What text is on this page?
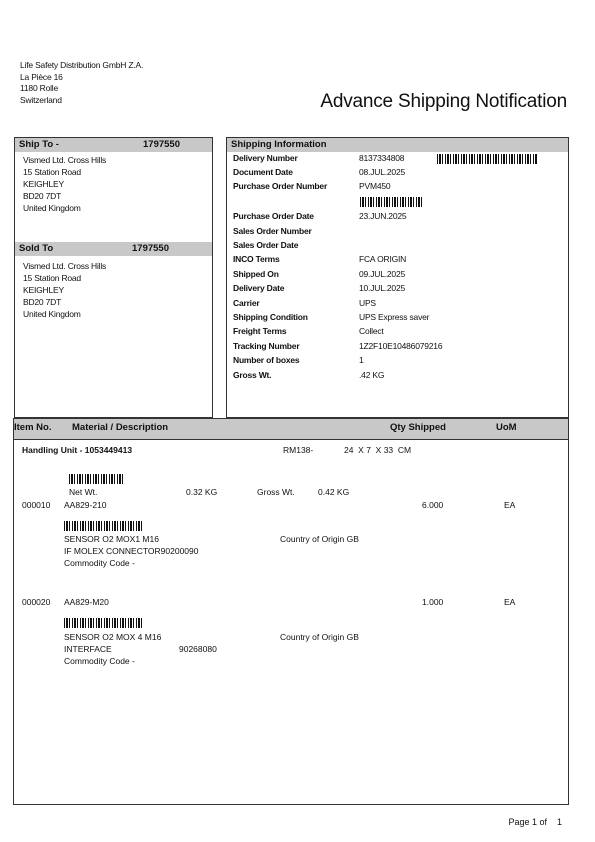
Life Safety Distribution GmbH Z.A.
La Pièce 16
1180 Rolle
Switzerland	Advance Shipping Notification
Ship To -	1797550
Vismed Ltd. Cross Hills
15 Station Road
KEIGHLEY
BD20 7DT
United Kingdom
Sold To	1797550
Vismed Ltd. Cross Hills
15 Station Road
KEIGHLEY
BD20 7DT
United Kingdom
Shipping Information
Delivery Number	8137334808
Document Date	08.JUL.2025
Purchase Order Number	PVM450
Purchase Order Date	23.JUN.2025
Sales Order Number
Sales Order Date
INCO Terms	FCA ORIGIN
Shipped On	09.JUL.2025
Delivery Date	10.JUL.2025
Carrier	UPS
Shipping Condition	UPS Express saver
Freight Terms	Collect
Tracking Number	1Z2F10E10486079216
Number of boxes	1
Gross Wt.	.42 KG
Item No. Material / Description	Qty Shipped	UoM
Handling Unit - 1053449413	RM138-	24  X 7  X 33  CM
Net Wt.	0.32 KG	Gross Wt.	0.42 KG
000010 AA829-210	6.000	EA
SENSOR O2 MOX1 M16	Country of Origin GB
IF MOLEX CONNECTOR90200090
Commodity Code -
000020 AA829-M20	1.000	EA
SENSOR O2 MOX 4 M16	Country of Origin GB
INTERFACE	90268080
Commodity Code -
Page 1 of    1
